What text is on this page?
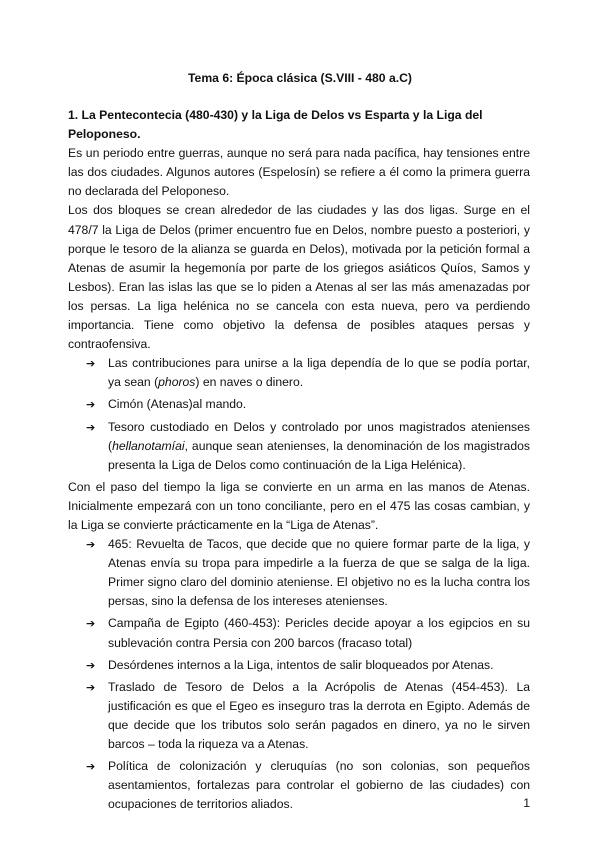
Tema 6: Época clásica (S.VIII - 480 a.C)

1. La Pentecontecia (480-430) y la Liga de Delos vs Esparta y la Liga del Peloponeso.

Es un periodo entre guerras, aunque no será para nada pacífica, hay tensiones entre las dos ciudades. Algunos autores (Espelosín) se refiere a él como la primera guerra no declarada del Peloponeso.

Los dos bloques se crean alrededor de las ciudades y las dos ligas. Surge en el 478/7 la Liga de Delos (primer encuentro fue en Delos, nombre puesto a posteriori, y porque le tesoro de la alianza se guarda en Delos), motivada por la petición formal a Atenas de asumir la hegemonía por parte de los griegos asiáticos Quíos, Samos y Lesbos). Eran las islas las que se lo piden a Atenas al ser las más amenazadas por los persas. La liga helénica no se cancela con esta nueva, pero va perdiendo importancia. Tiene como objetivo la defensa de posibles ataques persas y contraofensiva.

➔	Las contribuciones para unirse a la liga dependía de lo que se podía portar, ya sean (phoros) en naves o dinero.
➔	Cimón (Atenas)al mando.
➔	Tesoro custodiado en Delos y controlado por unos magistrados atenienses (hellanotamíai, aunque sean atenienses, la denominación de los magistrados presenta la Liga de Delos como continuación de la Liga Helénica).

Con el paso del tiempo la liga se convierte en un arma en las manos de Atenas. Inicialmente empezará con un tono conciliante, pero en el 475 las cosas cambian, y la Liga se convierte prácticamente en la “Liga de Atenas”.

➔	465: Revuelta de Tacos, que decide que no quiere formar parte de la liga, y Atenas envía su tropa para impedirle a la fuerza de que se salga de la liga. Primer signo claro del dominio ateniense. El objetivo no es la lucha contra los persas, sino la defensa de los intereses atenienses.
➔	Campaña de Egipto (460-453): Pericles decide apoyar a los egipcios en su sublevación contra Persia con 200 barcos (fracaso total)
➔	Desórdenes internos a la Liga, intentos de salir bloqueados por Atenas.
➔	Traslado de Tesoro de Delos a la Acrópolis de Atenas (454-453). La justificación es que el Egeo es inseguro tras la derrota en Egipto. Además de que decide que los tributos solo serán pagados en dinero, ya no le sirven barcos – toda la riqueza va a Atenas.
➔	Política de colonización y cleruquías (no son colonias, son pequeños asentamientos, fortalezas para controlar el gobierno de las ciudades) con ocupaciones de territorios aliados.	1
